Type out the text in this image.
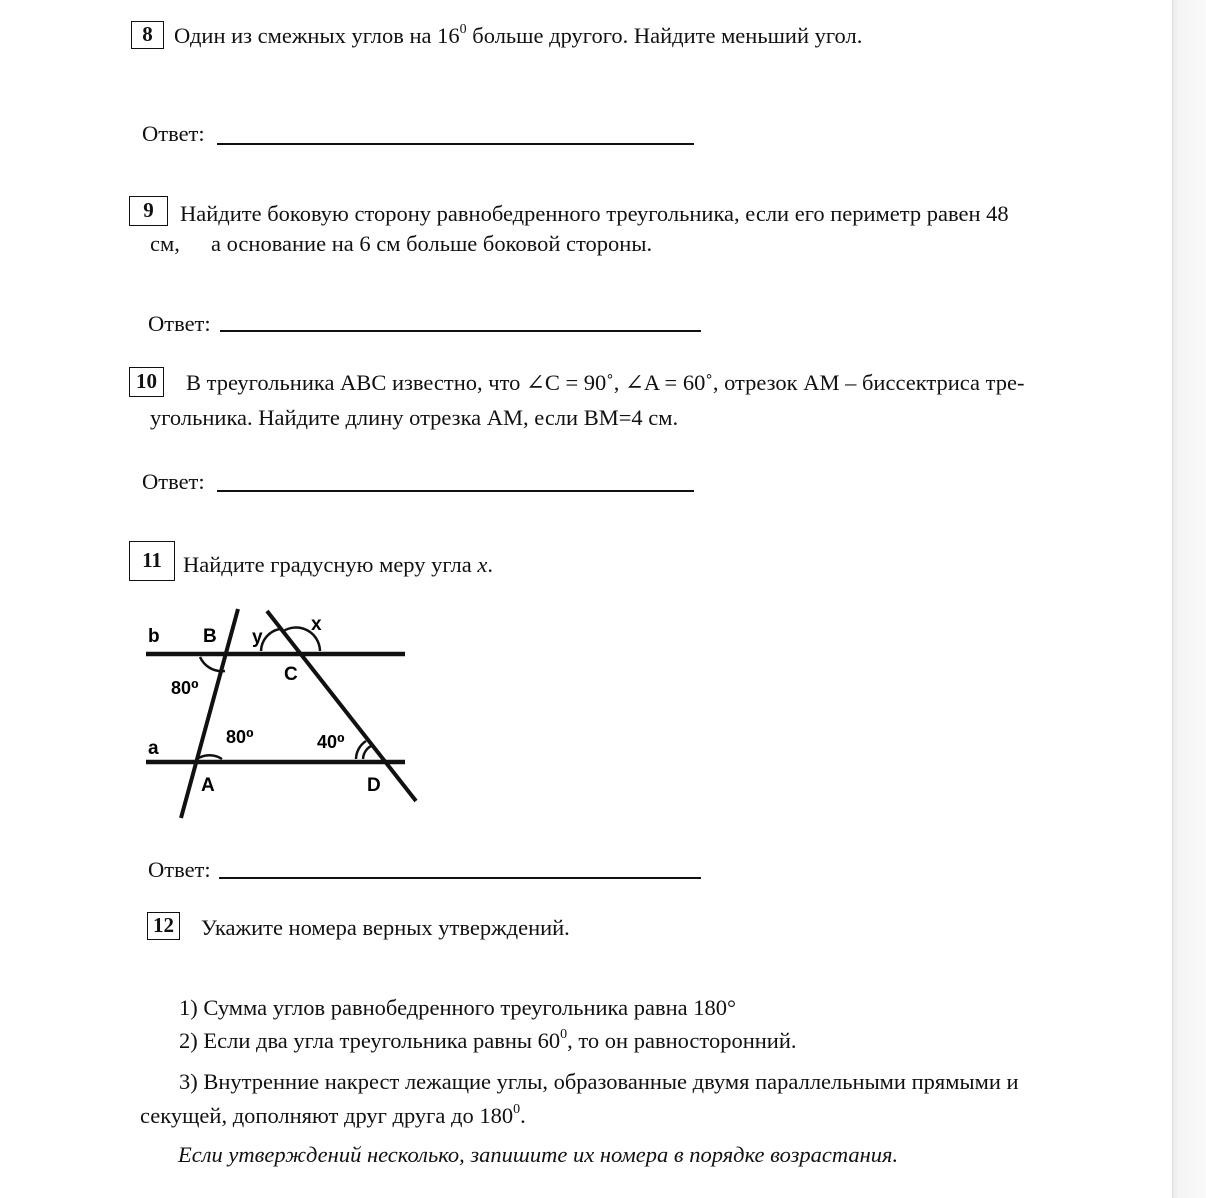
8 Один из смежных углов на $16^0$ больше другого. Найдите меньший угол.
Ответ:
9	Найдите боковую сторону равнобедренного треугольника, если его периметр равен 48
см, а основание на 6 см больше боковой стороны.
Ответ:
10	В треугольника ABC известно, что ∠C = 90˚, ∠A = 60˚, отрезок AM – биссектриса тре-
угольника. Найдите длину отрезка AM, если BM=4 см.
Ответ:
11 Найдите градусную меру угла x.
b B y
x
C
80⁰
80⁰	40⁰
a
A	D
Ответ:
12 Укажите номера верных утверждений.
1) Сумма углов равнобедренного треугольника равна 180°
2) Если два угла треугольника равны $60^0$, то он равносторонний.
3) Внутренние накрест лежащие углы, образованные двумя параллельными прямыми и
секущей, дополняют друг друга до $180^0$.
Если утверждений несколько, запишите их номера в порядке возрастания.
